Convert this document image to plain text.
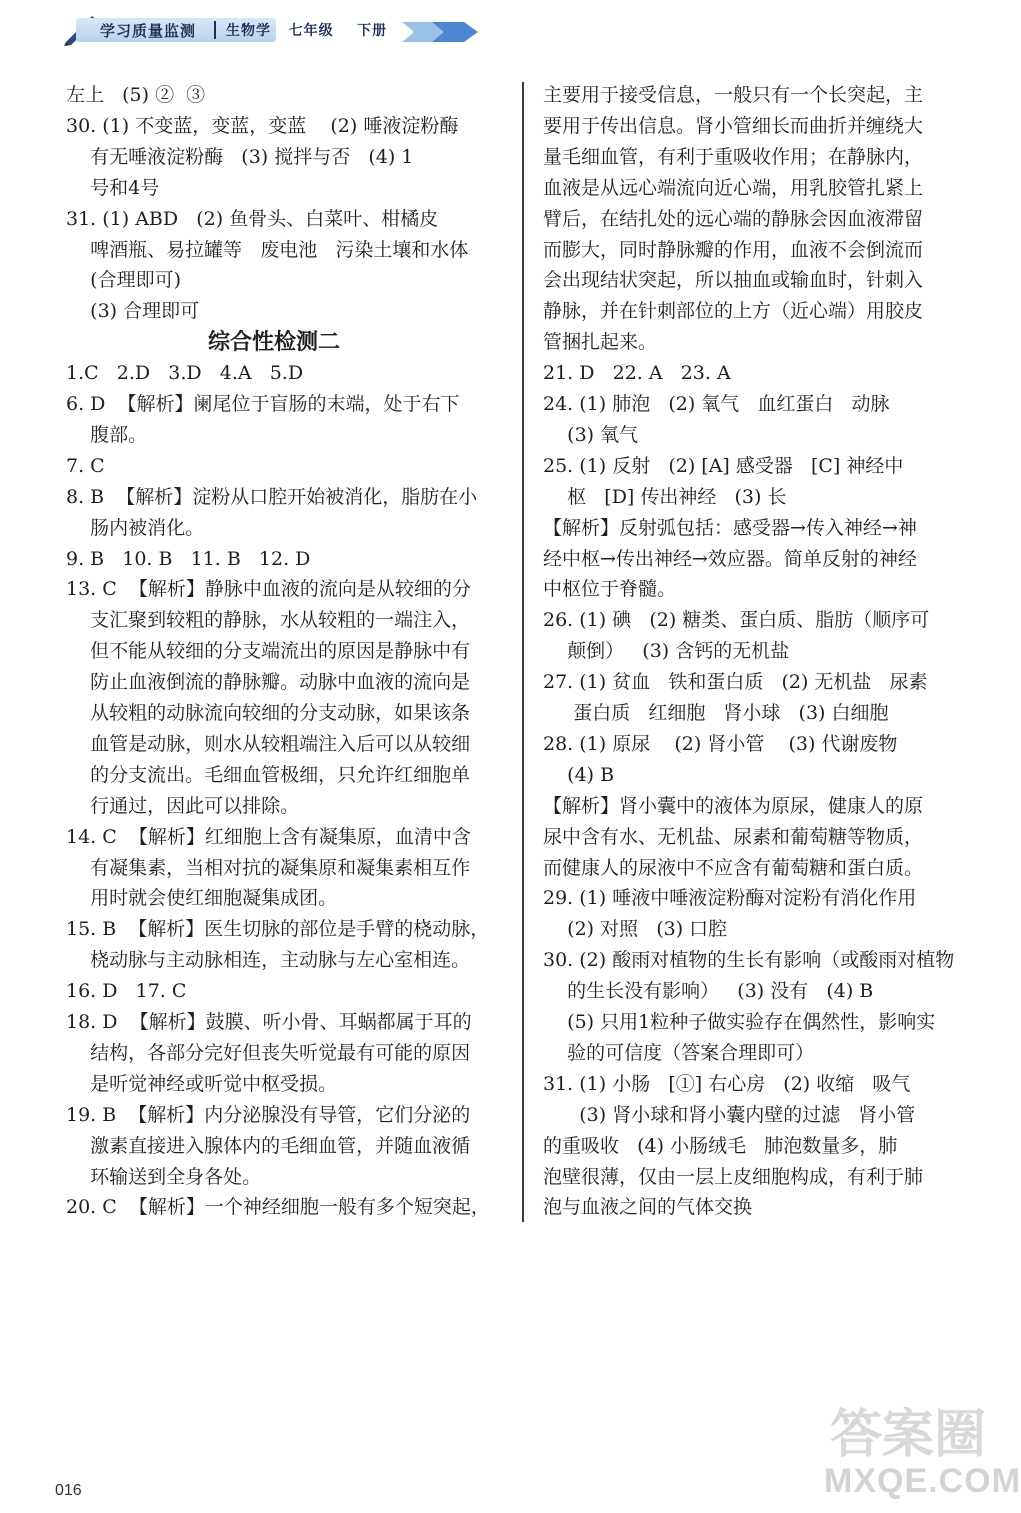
学习质量监测 生物学   七年级    下册
左上   (5) ②  ③
30. (1) 不变蓝，变蓝，变蓝    (2) 唾液淀粉酶
有无唾液淀粉酶   (3) 搅拌与否   (4) 1
号和4号
31. (1) ABD   (2) 鱼骨头、白菜叶、柑橘皮
啤酒瓶、易拉罐等   废电池   污染土壤和水体
(合理即可)
(3) 合理即可
综合性检测二
1.C   2.D   3.D   4.A   5.D
6. D  【解析】阑尾位于盲肠的末端，处于右下
腹部。
7. C
8. B  【解析】淀粉从口腔开始被消化，脂肪在小
肠内被消化。
9. B   10. B   11. B   12. D
13. C  【解析】静脉中血液的流向是从较细的分
支汇聚到较粗的静脉，水从较粗的一端注入，
但不能从较细的分支端流出的原因是静脉中有
防止血液倒流的静脉瓣。动脉中血液的流向是
从较粗的动脉流向较细的分支动脉，如果该条
血管是动脉，则水从较粗端注入后可以从较细
的分支流出。毛细血管极细，只允许红细胞单
行通过，因此可以排除。
14. C  【解析】红细胞上含有凝集原，血清中含
有凝集素，当相对抗的凝集原和凝集素相互作
用时就会使红细胞凝集成团。
15. B  【解析】医生切脉的部位是手臂的桡动脉，
桡动脉与主动脉相连，主动脉与左心室相连。
16. D   17. C
18. D  【解析】鼓膜、听小骨、耳蜗都属于耳的
结构，各部分完好但丧失听觉最有可能的原因
是听觉神经或听觉中枢受损。
19. B  【解析】内分泌腺没有导管，它们分泌的
激素直接进入腺体内的毛细血管，并随血液循
环输送到全身各处。
20. C  【解析】一个神经细胞一般有多个短突起，
主要用于接受信息，一般只有一个长突起，主
要用于传出信息。肾小管细长而曲折并缠绕大
量毛细血管，有利于重吸收作用；在静脉内，
血液是从远心端流向近心端，用乳胶管扎紧上
臂后，在结扎处的远心端的静脉会因血液滞留
而膨大，同时静脉瓣的作用，血液不会倒流而
会出现结状突起，所以抽血或输血时，针刺入
静脉，并在针刺部位的上方（近心端）用胶皮
管捆扎起来。
21. D   22. A   23. A
24. (1) 肺泡   (2) 氧气   血红蛋白   动脉
(3) 氧气
25. (1) 反射   (2) [A] 感受器   [C] 神经中
枢   [D] 传出神经   (3) 长
【解析】反射弧包括：感受器→传入神经→神
经中枢→传出神经→效应器。简单反射的神经
中枢位于脊髓。
26. (1) 碘   (2) 糖类、蛋白质、脂肪（顺序可
颠倒）   (3) 含钙的无机盐
27. (1) 贫血   铁和蛋白质   (2) 无机盐   尿素
蛋白质   红细胞   肾小球   (3) 白细胞
28. (1) 原尿    (2) 肾小管    (3) 代谢废物
(4) B
【解析】肾小囊中的液体为原尿，健康人的原
尿中含有水、无机盐、尿素和葡萄糖等物质，
而健康人的尿液中不应含有葡萄糖和蛋白质。
29. (1) 唾液中唾液淀粉酶对淀粉有消化作用
(2) 对照   (3) 口腔
30. (2) 酸雨对植物的生长有影响（或酸雨对植物
的生长没有影响）   (3) 没有   (4) B
(5) 只用1粒种子做实验存在偶然性，影响实
验的可信度（答案合理即可）
31. (1) 小肠   [①] 右心房   (2) 收缩   吸气
(3) 肾小球和肾小囊内壁的过滤   肾小管
的重吸收   (4) 小肠绒毛   肺泡数量多，肺
泡壁很薄，仅由一层上皮细胞构成，有利于肺
泡与血液之间的气体交换
016
答案圈
MXQE.COM
